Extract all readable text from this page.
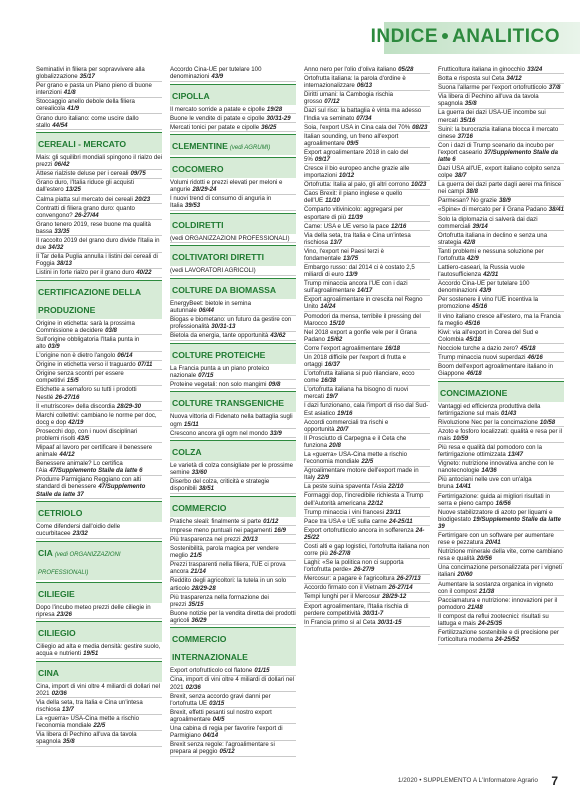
INDICE ANALITICO
Seminativi in filiera per sopravvivere alla globalizzazione 35/17
Per grano e pasta un Piano pieno di buone intenzioni 41/8
Stoccaggio anello debole della filiera cerealicola 41/9
Grano duro italiano: come uscire dallo stallo 44/54
CEREALI - MERCATO
Mais: gli squilibri mondiali spingono il rialzo dei prezzi 06/42
Attese rialziste deluse per i cereali 09/75
Grano duro, l'Italia riduce gli acquisti dall'estero 13/25
Calma piatta sul mercato dei cereali 20/23
Contratti di filiera grano duro: quanto convengono? 26-27/44
Grano tenero 2019, rese buone ma qualità bassa 33/35
Il raccolto 2019 del grano duro divide l'Italia in due 34/32
Il Tar della Puglia annulla i listini dei cereali di Foggia 38/13
Listini in forte rialzo per il grano duro 40/22
CERTIFICAZIONE DELLA PRODUZIONE
Origine in etichetta: sarà la prossima Commissione a decidere 03/8
Sull'origine obbligatoria l'Italia punta in alto 03/9
L'origine non è dietro l'angolo 06/14
Origine in etichetta verso il traguardo 07/11
Origine senza scontri per essere competitivi 15/5
Etichette a semaforo su tutti i prodotti Nestlé 26-27/16
Il «nutriscore» della discordia 28/29-30
Marchi collettivi: cambiano le norme per doc, docg e dop 42/19
Prosecchi dop, con i nuovi disciplinari problemi risolti 43/5
Mipaaf al lavoro per certificare il benessere animale 44/12
Benessere animale? Lo certifica l'Aia 47/Supplemento Stalle da latte 6
Produrre Parmigiano Reggiano con alti standard di benessere 47/Supplemento Stalle da latte 37
CETRIOLO
Come difendersi dall'oidio delle cucurbitacee 23/32
CIA (vedi ORGANIZZAZIONI PROFESSIONALI)
CILIEGIE
Dopo l'incubo meteo prezzi delle ciliegie in ripresa 23/26
CILIEGIO
Ciliegio ad alta e media densità: gestire suolo, acqua e nutrienti 19/51
CINA
Cina, import di vini oltre 4 miliardi di dollari nel 2021 02/36
Via della seta, tra Italia e Cina un'intesa rischiosa 13/7
La «guerra» USA-Cina mette a rischio l'economia mondiale 22/5
Via libera di Pechino all'uva da tavola spagnola 35/8
Accordo Cina-UE per tutelare 100 denominazioni 43/9
CIPOLLA
Il mercato sorride a patate e cipolle 19/28
Buone le vendite di patate e cipolle 30/31-29
Mercati tonici per patate e cipolle 36/25
CLEMENTINE (vedi AGRUMI)
COCOMERO
Volumi ridotti e prezzi elevati per meloni e angurie 28/29-24
I nuovi trend di consumo di anguria in Italia 39/53
COLDIRETTI
(vedi ORGANIZZAZIONI PROFESSIONALI)
COLTIVATORI DIRETTI
(vedi LAVORATORI AGRICOLI)
COLTURE DA BIOMASSA
EnergyBeet: bietole in semina autunnale 06/44
Biogas e biometano: un futuro da gestire con professionalità 30/31-13
Bietola da energia, tante opportunità 43/62
COLTURE PROTEICHE
La Francia punta a un piano proteico nazionale 07/15
Proteine vegetali: non solo mangimi 09/8
COLTURE TRANSGENICHE
Nuova vittoria di Fidenato nella battaglia sugli ogm 15/11
Crescono ancora gli ogm nel mondo 33/9
COLZA
Le varietà di colza consigliate per le prossime semine 33/60
Diserbo del colza, criticità e strategie disponibili 38/51
COMMERCIO
Pratiche sleali: finalmente si parte 01/12
Imprese meno puntuali nei pagamenti 16/9
Più trasparenza nei prezzi 20/13
Sostenibilità, parola magica per vendere meglio 21/5
Prezzi trasparenti nella filiera, l'UE ci prova ancora 21/14
Reddito degli agricoltori: la tutela in un solo articolo 28/29-28
Più trasparenza nella formazione dei prezzi 35/15
Buone notizie per la vendita diretta dei prodotti agricoli 36/29
COMMERCIO INTERNAZIONALE
Export ortofrutticolo col flatone 01/15
Cina, import di vini oltre 4 miliardi di dollari nel 2021 02/36
Brexit, senza accordo gravi danni per l'ortofrutta UE 03/15
Brexit, effetti pesanti sul nostro export agroalimentare 04/5
Una cabina di regia per favorire l'export di Parmigiano 04/14
Brexit senza regole: l'agroalimentare si prepara al peggio 05/12
Anno nero per l'olio d'oliva italiano 05/28
Ortofrutta italiana: la parola d'ordine è internazionalizzare 06/13
Diritti umani: la Cambogia rischia grosso 07/12
Dazi sul riso: la battaglia è vinta ma adesso l'India va seminato 07/34
Soia, l'export USA in Cina cala del 70% 08/23
Italian sounding, un freno all'export agroalimentare 09/5
Export agroalimentare 2018 in calo del 5% 09/17
Cresce il bio europeo anche grazie alle importazioni 10/12
Ortofrutta: Italia al palo, gli altri corrono 10/23
Caos Brexit: il piano inglese e quello dell'UE 11/10
Comparto vitivinicolo: aggregarsi per esportare di più 11/39
Came: USA e UE verso la pace 12/16
Via della seta, tra Italia e Cina un'intesa rischiosa 13/7
Vino, l'export nei Paesi terzi è fondamentale 13/75
Embargo russo: dal 2014 ci è costato 2,5 miliardi di euro 13/9
Trump minaccia ancora l'UE con i dazi sull'agroalimentare 14/17
Export agroalimentare in crescita nel Regno Unito 14/24
Pomodori da mensa, terribile il pressing del Marocco 15/10
Nel 2018 export a gonfie vele per il Grana Padano 15/62
Corre l'export agroalimentare 16/18
Un 2018 difficile per l'export di frutta e ortaggi 16/37
L'ortofrutta italiana si può rilanciare, ecco come 16/38
L'ortofrutta italiana ha bisogno di nuovi mercati 19/7
I dazi funzionano, cala l'import di riso dal Sud-Est asiatico 19/16
Accordi commerciali tra rischi e opportunità 20/7
Il Prosciutto di Carpegna e il Ceta che funziona 20/8
La «guerra» USA-Cina mette a rischio l'economia mondiale 22/5
Agroalimentare motore dell'export made in Italy 22/9
La peste suina spaventa l'Asia 22/10
Formaggi dop, l'incredibile richiesta a Trump dell'Autorità americana 22/12
Trump minaccia i vini francesi 23/11
Pace tra USA e UE sulla carne 24-25/11
Export ortofrutticolo ancora in sofferenza 24-25/22
Costi alti e gap logistici, l'ortofrutta italiana non corre più 26-27/8
Laghi: «Se la politica non ci supporta l'ortofrutta perde» 26-27/9
Mercosur: a pagare è l'agricoltura 26-27/13
Accordo firmato con il Vietnam 26-27/14
Tempi lunghi per il Mercosur 28/29-12
Export agroalimentare, l'Italia rischia di perdere competitività 30/31-7
In Francia primo sì al Ceta 30/31-15
Frutticoltura italiana in ginocchio 33/24
Botta e risposta sul Ceta 34/12
Suona l'allarme per l'export ortofrutticolo 37/8
Via libera di Pechino all'uva da tavola spagnola 35/8
La guerra dei dazi USA-UE incombe sui mercati 35/16
Suini: la burocrazia italiana blocca il mercato cinese 37/16
Con i dazi di Trump scenario da incubo per l'export caseario 37/Supplemento Stalle da latte 6
Dazi USA all'UE, export italiano colpito senza colpe 38/7
La guerra dei dazi parte dagli aerei ma finisce nei campi 38/8
Parmesan? No grazie 38/9
«Spine» di mercato per il Grana Padano 38/41
Solo la diplomazia ci salverà dai dazi commerciali 39/14
Ortofrutta italiana in declino e senza una strategia 42/8
Tanti problemi e nessuna soluzione per l'ortofrutta 42/9
Lattiero-caseari, la Russia vuole l'autosufficienza 42/31
Accordo Cina-UE per tutelare 100 denominazioni 43/9
Per sostenere il vino l'UE incentiva la promozione 45/16
Il vino italiano cresce all'estero, ma la Francia fa meglio 45/16
Kiwi: via all'export in Corea del Sud e Colombia 45/18
Nocciole turche a dazio zero? 45/18
Trump minaccia nuovi superdazi 46/16
Boom dell'export agroalimentare italiano in Giappone 46/18
CONCIMAZIONE
Vantaggi ed efficienza produttiva della fertirrigazione sul mais 01/43
Rivoluzione Nec per la concimazione 10/58
Azoto e fosforo localizzati: qualità e resa per il mais 10/59
Più resa e qualità dal pomodoro con la fertirrigazione ottimizzata 13/47
Vigneto: nutrizione innovativa anche con le nanotecnologie 14/36
Più antociani nelle uve con un'alga bruna 14/41
Fertirrigazione: guida ai migliori risultati in serra e pieno campo 16/56
Nuove stabilizzatore di azoto per liquami e biodigestato 19/Supplemento Stalle da latte 39
Fertirrigare con un software per aumentare rese e pezzatura 20/41
Nutrizione minerale della vite, come cambiano resa e qualità 20/56
Una concimazione personalizzata per i vigneti italiani 20/60
Aumentare la sostanza organica in vigneto con il compost 21/38
Pacciamatura e nutrizione: innovazioni per il pomodoro 21/48
Il compost da reflui zootecnici: risultati su lattuga e mais 24-25/35
Fertilizzazione sostenibile e di precisione per l'orticoltura moderna 24-25/52
1/2020 • SUPPLEMENTO A L'Informatore Agrario 7
